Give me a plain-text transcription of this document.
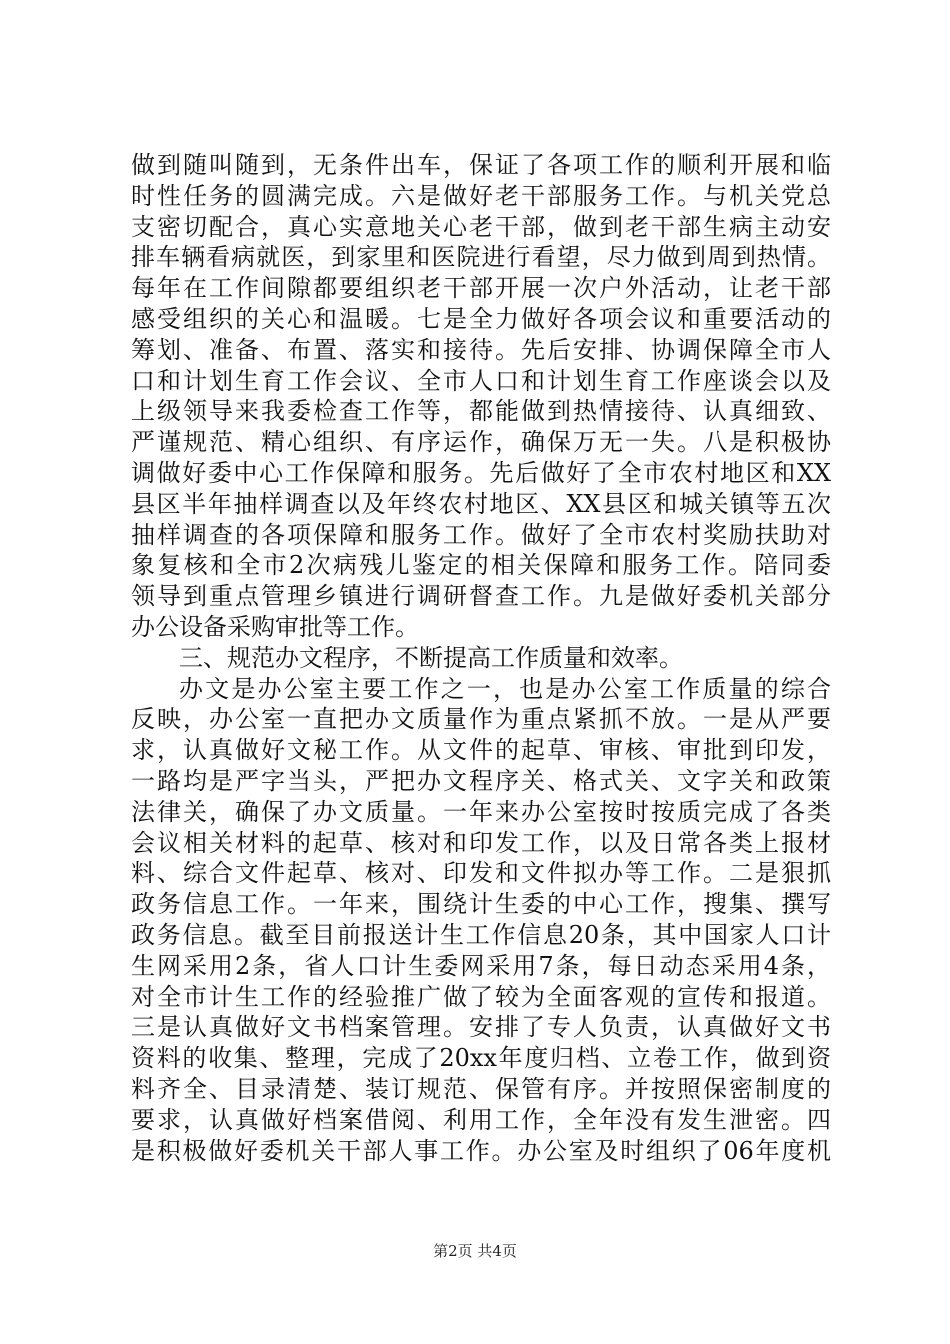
做到随叫随到，无条件出车，保证了各项工作的顺利开展和临
时性任务的圆满完成。六是做好老干部服务工作。与机关党总
支密切配合，真心实意地关心老干部，做到老干部生病主动安
排车辆看病就医，到家里和医院进行看望，尽力做到周到热情。
每年在工作间隙都要组织老干部开展一次户外活动，让老干部
感受组织的关心和温暖。七是全力做好各项会议和重要活动的
筹划、准备、布置、落实和接待。先后安排、协调保障全市人
口和计划生育工作会议、全市人口和计划生育工作座谈会以及
上级领导来我委检查工作等，都能做到热情接待、认真细致、
严谨规范、精心组织、有序运作，确保万无一失。八是积极协
调做好委中心工作保障和服务。先后做好了全市农村地区和XX
县区半年抽样调查以及年终农村地区、XX县区和城关镇等五次
抽样调查的各项保障和服务工作。做好了全市农村奖励扶助对
象复核和全市2次病残儿鉴定的相关保障和服务工作。陪同委
领导到重点管理乡镇进行调研督查工作。九是做好委机关部分
办公设备采购审批等工作。
三、规范办文程序，不断提高工作质量和效率。
办文是办公室主要工作之一，也是办公室工作质量的综合
反映，办公室一直把办文质量作为重点紧抓不放。一是从严要
求，认真做好文秘工作。从文件的起草、审核、审批到印发，
一路均是严字当头，严把办文程序关、格式关、文字关和政策
法律关，确保了办文质量。一年来办公室按时按质完成了各类
会议相关材料的起草、核对和印发工作，以及日常各类上报材
料、综合文件起草、核对、印发和文件拟办等工作。二是狠抓
政务信息工作。一年来，围绕计生委的中心工作，搜集、撰写
政务信息。截至目前报送计生工作信息20条，其中国家人口计
生网采用2条，省人口计生委网采用7条，每日动态采用4条，
对全市计生工作的经验推广做了较为全面客观的宣传和报道。
三是认真做好文书档案管理。安排了专人负责，认真做好文书
资料的收集、整理，完成了20xx年度归档、立卷工作，做到资
料齐全、目录清楚、装订规范、保管有序。并按照保密制度的
要求，认真做好档案借阅、利用工作，全年没有发生泄密。四
是积极做好委机关干部人事工作。办公室及时组织了06年度机
第2页 共4页
